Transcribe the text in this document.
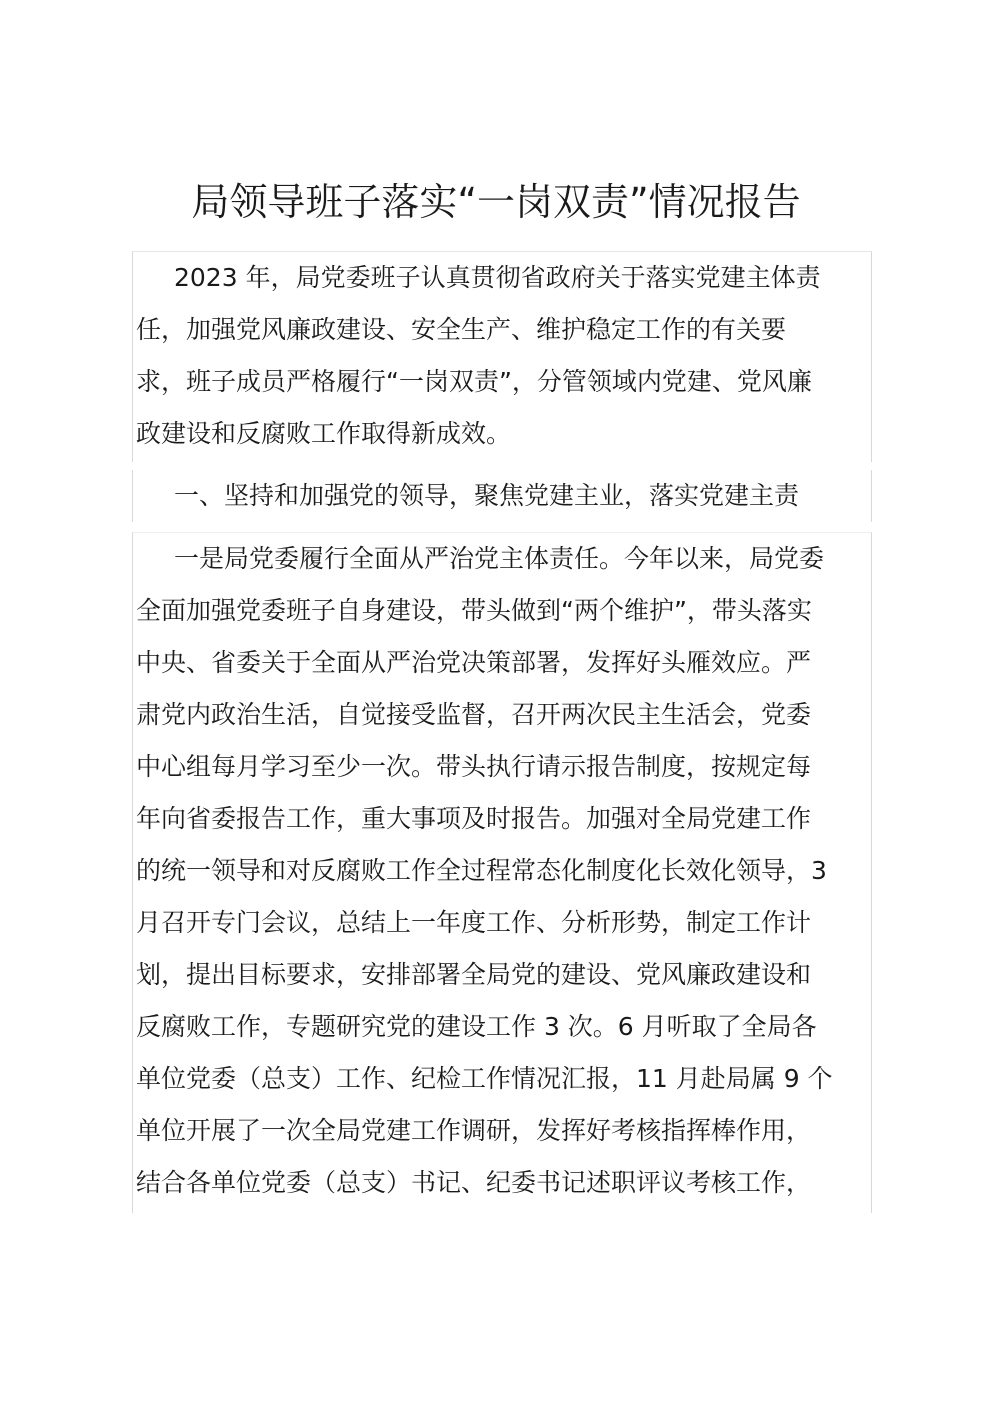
局领导班子落实“一岗双责”情况报告
2023 年，局党委班子认真贯彻省政府关于落实党建主体责
任，加强党风廉政建设、安全生产、维护稳定工作的有关要
求，班子成员严格履行“一岗双责”，分管领域内党建、党风廉
政建设和反腐败工作取得新成效。
一、坚持和加强党的领导，聚焦党建主业，落实党建主责
一是局党委履行全面从严治党主体责任。今年以来，局党委
全面加强党委班子自身建设，带头做到“两个维护”，带头落实
中央、省委关于全面从严治党决策部署，发挥好头雁效应。严
肃党内政治生活，自觉接受监督，召开两次民主生活会，党委
中心组每月学习至少一次。带头执行请示报告制度，按规定每
年向省委报告工作，重大事项及时报告。加强对全局党建工作
的统一领导和对反腐败工作全过程常态化制度化长效化领导，3
月召开专门会议，总结上一年度工作、分析形势，制定工作计
划，提出目标要求，安排部署全局党的建设、党风廉政建设和
反腐败工作，专题研究党的建设工作 3 次。6 月听取了全局各
单位党委（总支）工作、纪检工作情况汇报，11 月赴局属 9 个
单位开展了一次全局党建工作调研，发挥好考核指挥棒作用，
结合各单位党委（总支）书记、纪委书记述职评议考核工作，
